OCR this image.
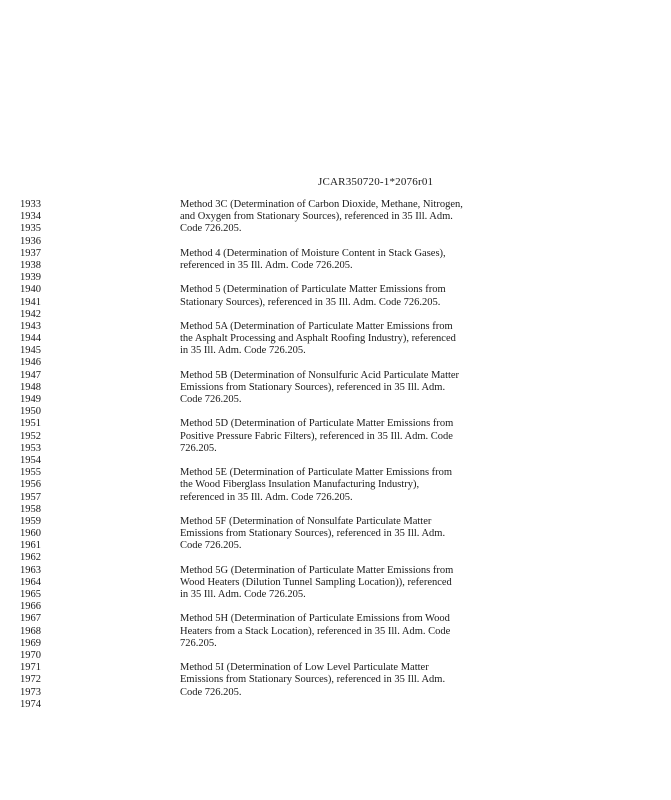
JCAR350720-1*2076r01
1933
1934
1935
1936
1937
1938
1939
1940
1941
1942
1943
1944
1945
1946
1947
1948
1949
1950
1951
1952
1953
1954
1955
1956
1957
1958
1959
1960
1961
1962
1963
1964
1965
1966
1967
1968
1969
1970
1971
1972
1973
1974
Method 3C (Determination of Carbon Dioxide, Methane, Nitrogen,
and Oxygen from Stationary Sources), referenced in 35 Ill. Adm.
Code 726.205.
Method 4 (Determination of Moisture Content in Stack Gases),
referenced in 35 Ill. Adm. Code 726.205.
Method 5 (Determination of Particulate Matter Emissions from
Stationary Sources), referenced in 35 Ill. Adm. Code 726.205.
Method 5A (Determination of Particulate Matter Emissions from
the Asphalt Processing and Asphalt Roofing Industry), referenced
in 35 Ill. Adm. Code 726.205.
Method 5B (Determination of Nonsulfuric Acid Particulate Matter
Emissions from Stationary Sources), referenced in 35 Ill. Adm.
Code 726.205.
Method 5D (Determination of Particulate Matter Emissions from
Positive Pressure Fabric Filters), referenced in 35 Ill. Adm. Code
726.205.
Method 5E (Determination of Particulate Matter Emissions from
the Wood Fiberglass Insulation Manufacturing Industry),
referenced in 35 Ill. Adm. Code 726.205.
Method 5F (Determination of Nonsulfate Particulate Matter
Emissions from Stationary Sources), referenced in 35 Ill. Adm.
Code 726.205.
Method 5G (Determination of Particulate Matter Emissions from
Wood Heaters (Dilution Tunnel Sampling Location)), referenced
in 35 Ill. Adm. Code 726.205.
Method 5H (Determination of Particulate Emissions from Wood
Heaters from a Stack Location), referenced in 35 Ill. Adm. Code
726.205.
Method 5I (Determination of Low Level Particulate Matter
Emissions from Stationary Sources), referenced in 35 Ill. Adm.
Code 726.205.
